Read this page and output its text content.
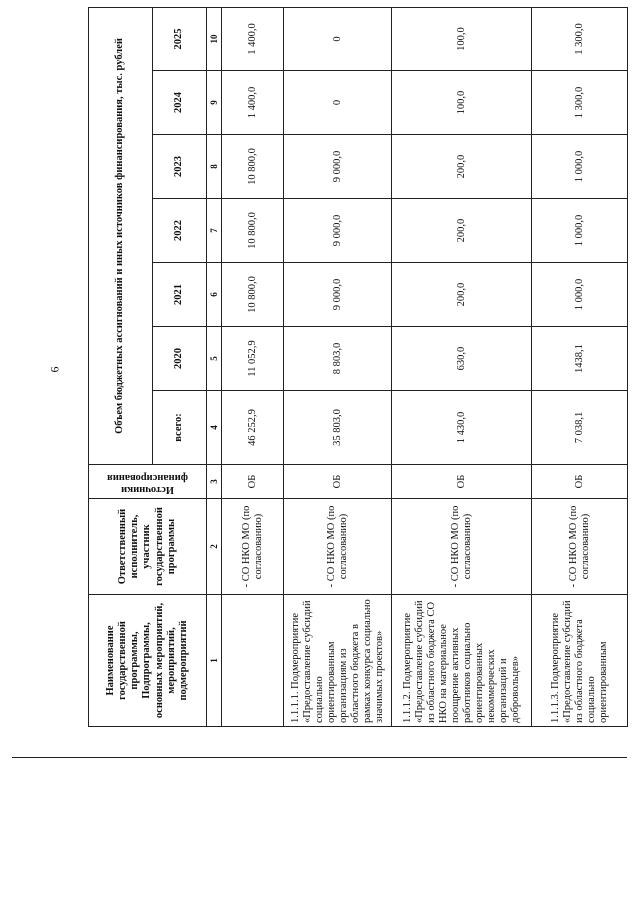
6
Наименование государственной программы, Подпрограммы, основных мероприятий, мероприятий, подмероприятий	Ответственный исполнитель, участник государственной программы	Источники финансирования	Объем бюджетных ассигнований и иных источников финансирования, тыс. рублей						
			всего:	2020	2021	2022	2023	2024	2025
1	2	3	4	5	6	7	8	9	10
	- СО НКО МО (по согласованию)	ОБ	46 252,9	11 052,9	10 800,0	10 800,0	10 800,0	1 400,0	1 400,0
1.1.1.1. Подмероприятие «Предоставление субсидий социально ориентированным организациям из областного бюджета в рамках конкурса социально значимых проектов»	- СО НКО МО (по согласованию)	ОБ	35 803,0	8 803,0	9 000,0	9 000,0	9 000,0	0	0
1.1.1.2. Подмероприятие «Предоставление субсидий из областного бюджета СО НКО на материальное поощрение активных работников социально ориентированных некоммерческих организаций и добровольцев»	- СО НКО МО (по согласованию)	ОБ	1 430,0	630,0	200,0	200,0	200,0	100,0	100,0
1.1.1.3. Подмероприятие «Предоставление субсидий из областного бюджета социально ориентированным	- СО НКО МО (по согласованию)	ОБ	7 038,1	1438,1	1 000,0	1 000,0	1 000,0	1 300,0	1 300,0
